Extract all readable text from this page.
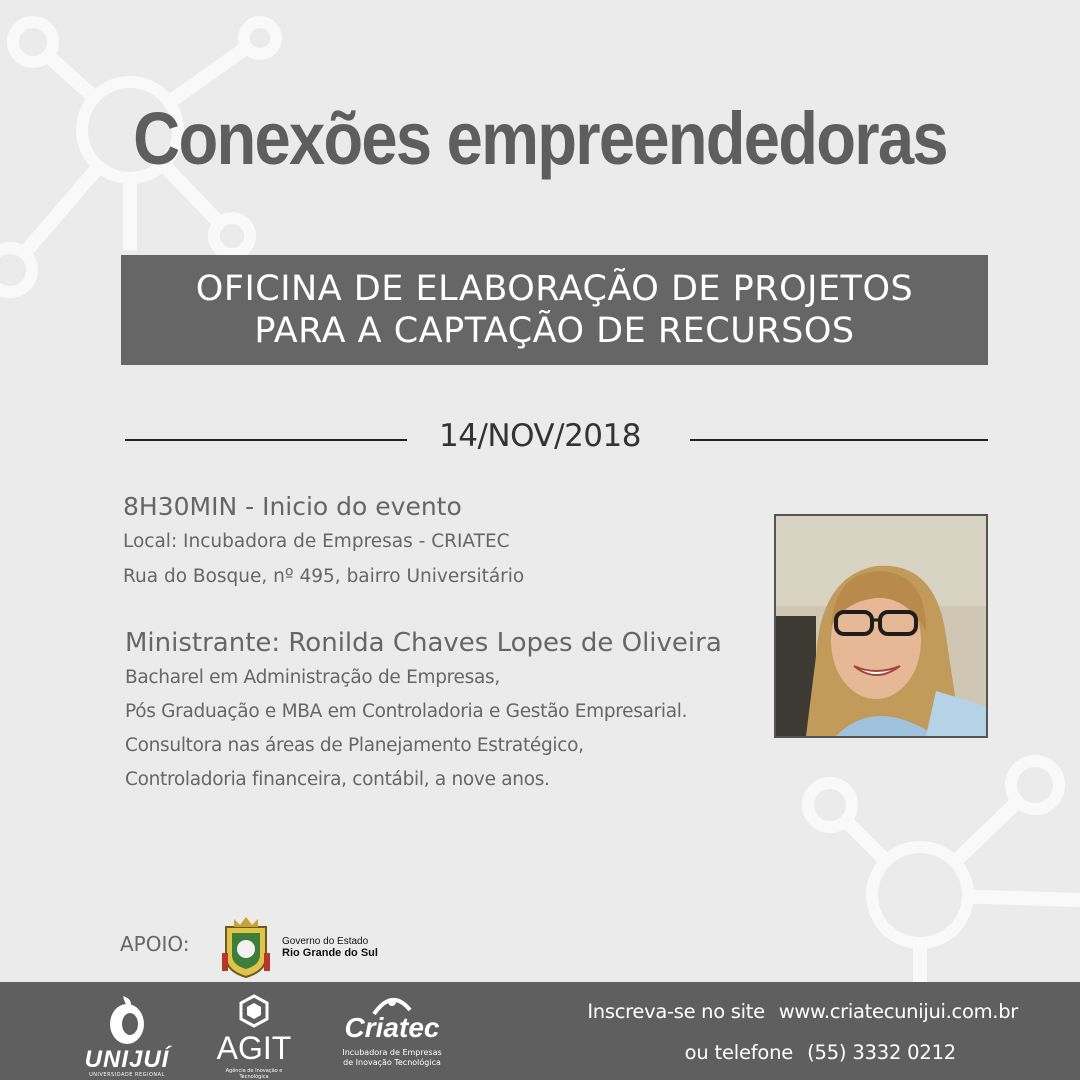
Conexões empreendedoras
OFICINA DE ELABORAÇÃO DE PROJETOS
PARA A CAPTAÇÃO DE RECURSOS
14/NOV/2018
8H30MIN - Inicio do evento
Local: Incubadora de Empresas - CRIATEC
Rua do Bosque, nº 495, bairro Universitário
Ministrante: Ronilda Chaves Lopes de Oliveira
Bacharel em Administração de Empresas,
Pós Graduação e MBA em Controladoria e Gestão Empresarial.
Consultora nas áreas de Planejamento Estratégico,
Controladoria financeira, contábil, a nove anos.
APOIO:	Governo do Estado
Rio Grande do Sul
UNIJUÍ
UNIVERSIDADE REGIONAL
AGIT
Agência de Inovação e Tecnológica
Criatec
Incubadora de Empresas
de Inovação Tecnológica
Inscreva-se no site www.criatecunijui.com.br
ou telefone (55) 3332 0212
